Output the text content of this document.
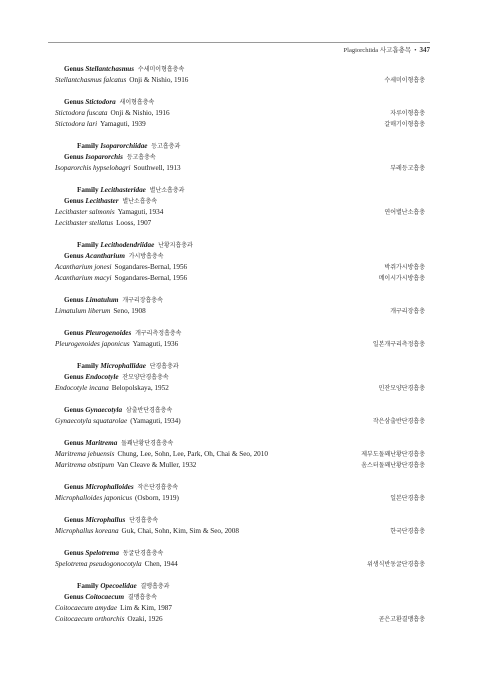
Plagiorchiida 사고흡충목 • 347
Genus Stellantchasmus 수세미이형흡충속
Stellantchasmus falcatus Onji & Nishio, 1916	수세미이형흡충
Genus Stictodora 새이형흡충속
Stictodora fuscata Onji & Nishio, 1916	자루이형흡충
Stictodora lari Yamaguti, 1939	갈매기이형흡충
Family Isoparorchiidae 등고흡충과
Genus Isoparorchis 등고흡충속
Isoparorchis hypselobagri Southwell, 1913	부레등고흡충
Family Lecithasteridae 별난소흡충과
Genus Lecithaster 별난소흡충속
Lecithaster salmonis Yamaguti, 1934	연어별난소흡충
Lecithaster stellatus Looss, 1907
Family Lecithodendriidae 난황지흡충과
Genus Acantharium 가시방흡충속
Acantharium jonesi Sogandares-Bernal, 1956	박쥐가시방흡충
Acantharium macyi Sogandares-Bernal, 1956	메이시가시방흡충
Genus Limatulum 개구리장흡충속
Limatulum liberum Seno, 1908	개구리장흡충
Genus Pleurogenoides 개구리측정흡충속
Pleurogenoides japonicus Yamaguti, 1936	일본개구리측정흡충
Family Microphallidae 단경흡충과
Genus Endocotyle 잔모양단경흡충속
Endocotyle incana Belopolskaya, 1952	민잔모양단경흡충
Genus Gynaecotyla 삼출반단경흡충속
Gynaecotyla squatarolae (Yamaguti, 1934)	작은삼출반단경흡충
Genus Maritrema 돌꽤난황단경흡충속
Maritrema jebuensis Chung, Lee, Sohn, Lee, Park, Oh, Chai & Seo, 2010	제부도돌꽤난황단경흡충
Maritrema obstipum Van Cleave & Muller, 1932	옴스터돌꽤난황단경흡충
Genus Microphalloides 작은단경흡충속
Microphalloides japonicus (Osborn, 1919)	일본단경흡충
Genus Microphallus 단경흡충속
Microphallus koreana Guk, Chai, Sohn, Kim, Sim & Seo, 2008	한국단경흡충
Genus Spelotrema 동굴단경흡충속
Spelotrema pseudogonocotyla Chen, 1944	위생식반동굴단경흡충
Family Opecoelidae 결맹흡충과
Genus Coitocaecum 결맹흡충속
Coitocaecum amydae Lim & Kim, 1987
Coitocaecum orthorchis Ozaki, 1926	곧은고환결맹흡충
